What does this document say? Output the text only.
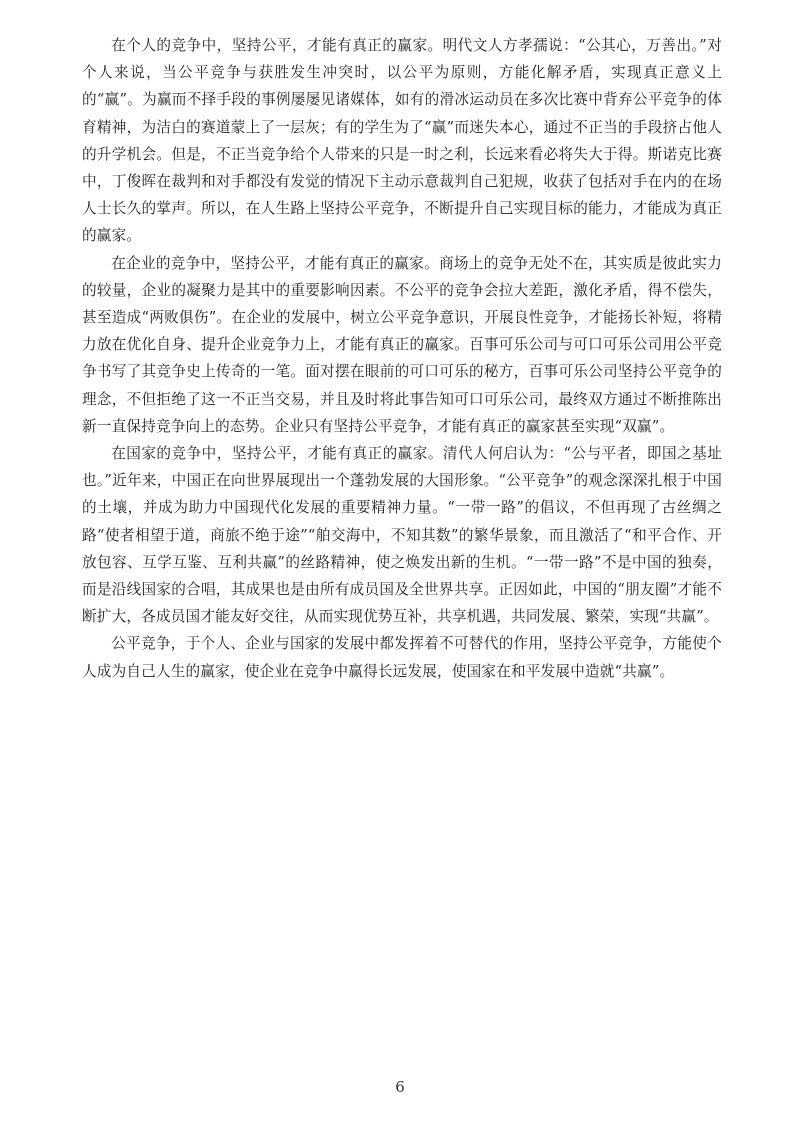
在个人的竞争中，坚持公平，才能有真正的赢家。明代文人方孝孺说：“公其心，万善出。”对个人来说，当公平竞争与获胜发生冲突时，以公平为原则，方能化解矛盾，实现真正意义上的“赢”。为赢而不择手段的事例屡屡见诸媒体，如有的滑冰运动员在多次比赛中背弃公平竞争的体育精神，为洁白的赛道蒙上了一层灰；有的学生为了“赢”而迷失本心，通过不正当的手段挤占他人的升学机会。但是，不正当竞争给个人带来的只是一时之利，长远来看必将失大于得。斯诺克比赛中，丁俊晖在裁判和对手都没有发觉的情况下主动示意裁判自己犯规，收获了包括对手在内的在场人士长久的掌声。所以，在人生路上坚持公平竞争，不断提升自己实现目标的能力，才能成为真正的赢家。

在企业的竞争中，坚持公平，才能有真正的赢家。商场上的竞争无处不在，其实质是彼此实力的较量，企业的凝聚力是其中的重要影响因素。不公平的竞争会拉大差距，激化矛盾，得不偿失，甚至造成“两败俱伤”。在企业的发展中，树立公平竞争意识，开展良性竞争，才能扬长补短，将精力放在优化自身、提升企业竞争力上，才能有真正的赢家。百事可乐公司与可口可乐公司用公平竞争书写了其竞争史上传奇的一笔。面对摆在眼前的可口可乐的秘方，百事可乐公司坚持公平竞争的理念，不但拒绝了这一不正当交易，并且及时将此事告知可口可乐公司，最终双方通过不断推陈出新一直保持竞争向上的态势。企业只有坚持公平竞争，才能有真正的赢家甚至实现“双赢”。

在国家的竞争中，坚持公平，才能有真正的赢家。清代人何启认为：“公与平者，即国之基址也。”近年来，中国正在向世界展现出一个蓬勃发展的大国形象。“公平竞争”的观念深深扎根于中国的土壤，并成为助力中国现代化发展的重要精神力量。“一带一路”的倡议，不但再现了古丝绸之路“使者相望于道，商旅不绝于途”“舶交海中，不知其数”的繁华景象，而且激活了“和平合作、开放包容、互学互鉴、互利共赢”的丝路精神，使之焕发出新的生机。“一带一路”不是中国的独奏，而是沿线国家的合唱，其成果也是由所有成员国及全世界共享。正因如此，中国的“朋友圈”才能不断扩大，各成员国才能友好交往，从而实现优势互补，共享机遇，共同发展、繁荣，实现“共赢”。

公平竞争，于个人、企业与国家的发展中都发挥着不可替代的作用，坚持公平竞争，方能使个人成为自己人生的赢家，使企业在竞争中赢得长远发展，使国家在和平发展中造就“共赢”。

6
